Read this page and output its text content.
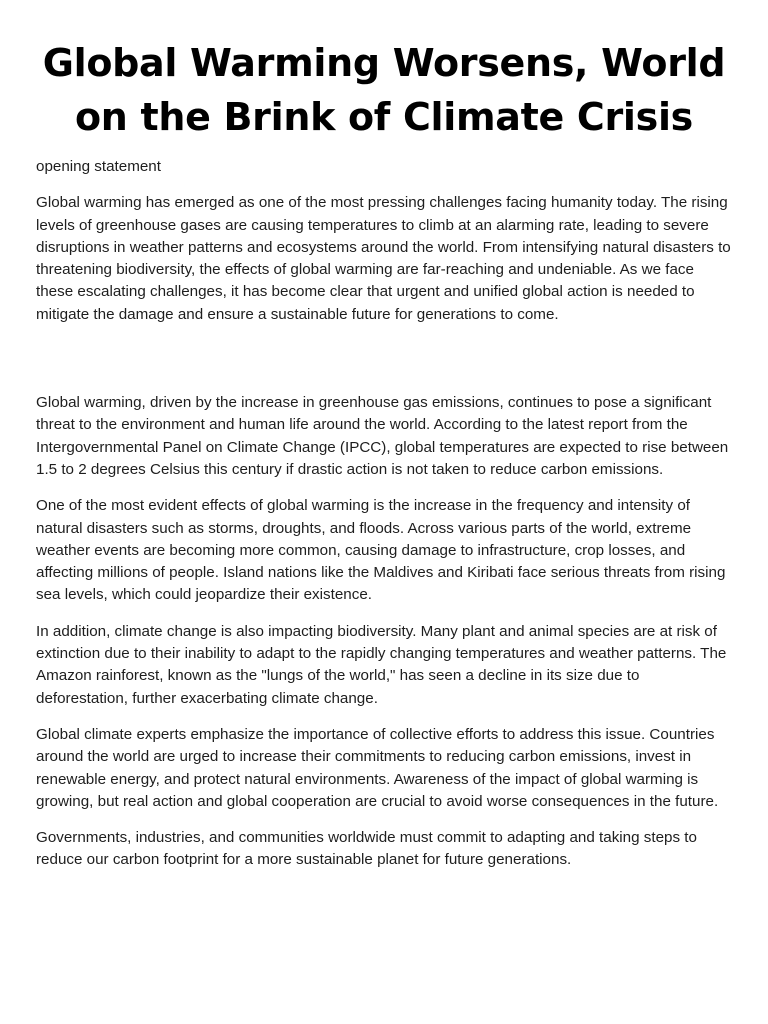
Global Warming Worsens, World on the Brink of Climate Crisis

opening statement

Global warming has emerged as one of the most pressing challenges facing humanity today. The rising levels of greenhouse gases are causing temperatures to climb at an alarming rate, leading to severe disruptions in weather patterns and ecosystems around the world. From intensifying natural disasters to threatening biodiversity, the effects of global warming are far-reaching and undeniable. As we face these escalating challenges, it has become clear that urgent and unified global action is needed to mitigate the damage and ensure a sustainable future for generations to come.

Global warming, driven by the increase in greenhouse gas emissions, continues to pose a significant threat to the environment and human life around the world. According to the latest report from the Intergovernmental Panel on Climate Change (IPCC), global temperatures are expected to rise between 1.5 to 2 degrees Celsius this century if drastic action is not taken to reduce carbon emissions.

One of the most evident effects of global warming is the increase in the frequency and intensity of natural disasters such as storms, droughts, and floods. Across various parts of the world, extreme weather events are becoming more common, causing damage to infrastructure, crop losses, and affecting millions of people. Island nations like the Maldives and Kiribati face serious threats from rising sea levels, which could jeopardize their existence.

In addition, climate change is also impacting biodiversity. Many plant and animal species are at risk of extinction due to their inability to adapt to the rapidly changing temperatures and weather patterns. The Amazon rainforest, known as the "lungs of the world," has seen a decline in its size due to deforestation, further exacerbating climate change.

Global climate experts emphasize the importance of collective efforts to address this issue. Countries around the world are urged to increase their commitments to reducing carbon emissions, invest in renewable energy, and protect natural environments. Awareness of the impact of global warming is growing, but real action and global cooperation are crucial to avoid worse consequences in the future.

Governments, industries, and communities worldwide must commit to adapting and taking steps to reduce our carbon footprint for a more sustainable planet for future generations.
